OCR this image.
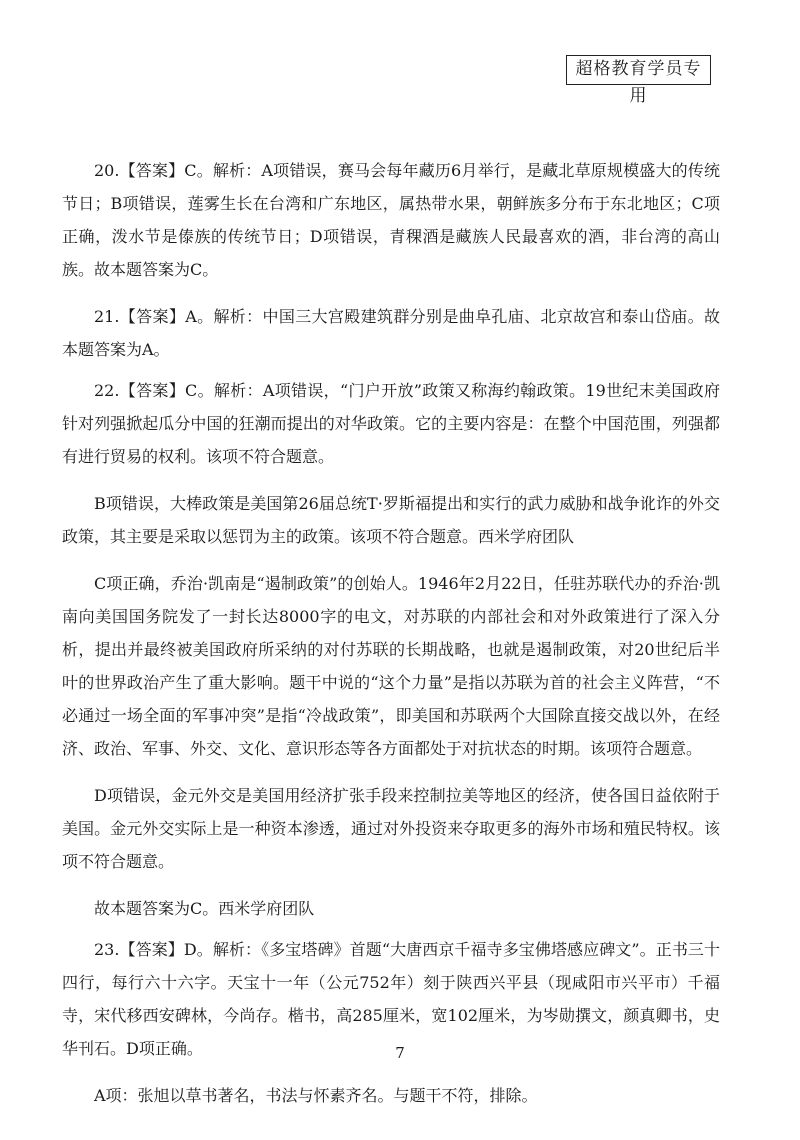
超格教育学员专用

20.【答案】C。解析：A项错误，赛马会每年藏历6月举行，是藏北草原规模盛大的传统节日；B项错误，莲雾生长在台湾和广东地区，属热带水果，朝鲜族多分布于东北地区；C项正确，泼水节是傣族的传统节日；D项错误，青稞酒是藏族人民最喜欢的酒，非台湾的高山族。故本题答案为C。

21.【答案】A。解析：中国三大宫殿建筑群分别是曲阜孔庙、北京故宫和泰山岱庙。故本题答案为A。

22.【答案】C。解析：A项错误，“门户开放”政策又称海约翰政策。19世纪末美国政府针对列强掀起瓜分中国的狂潮而提出的对华政策。它的主要内容是：在整个中国范围，列强都有进行贸易的权利。该项不符合题意。

B项错误，大棒政策是美国第26届总统T·罗斯福提出和实行的武力威胁和战争讹诈的外交政策，其主要是采取以惩罚为主的政策。该项不符合题意。西米学府团队

C项正确，乔治·凯南是“遏制政策”的创始人。1946年2月22日，任驻苏联代办的乔治·凯南向美国国务院发了一封长达8000字的电文，对苏联的内部社会和对外政策进行了深入分析，提出并最终被美国政府所采纳的对付苏联的长期战略，也就是遏制政策，对20世纪后半叶的世界政治产生了重大影响。题干中说的“这个力量”是指以苏联为首的社会主义阵营，“不必通过一场全面的军事冲突”是指“冷战政策”，即美国和苏联两个大国除直接交战以外，在经济、政治、军事、外交、文化、意识形态等各方面都处于对抗状态的时期。该项符合题意。

D项错误，金元外交是美国用经济扩张手段来控制拉美等地区的经济，使各国日益依附于美国。金元外交实际上是一种资本渗透，通过对外投资来夺取更多的海外市场和殖民特权。该项不符合题意。

故本题答案为C。西米学府团队

23.【答案】D。解析：《多宝塔碑》首题“大唐西京千福寺多宝佛塔感应碑文”。正书三十四行，每行六十六字。天宝十一年（公元752年）刻于陕西兴平县（现咸阳市兴平市）千福寺，宋代移西安碑林，今尚存。楷书，高285厘米，宽102厘米，为岑勋撰文，颜真卿书，史华刊石。D项正确。

A项：张旭以草书著名，书法与怀素齐名。与题干不符，排除。

7
